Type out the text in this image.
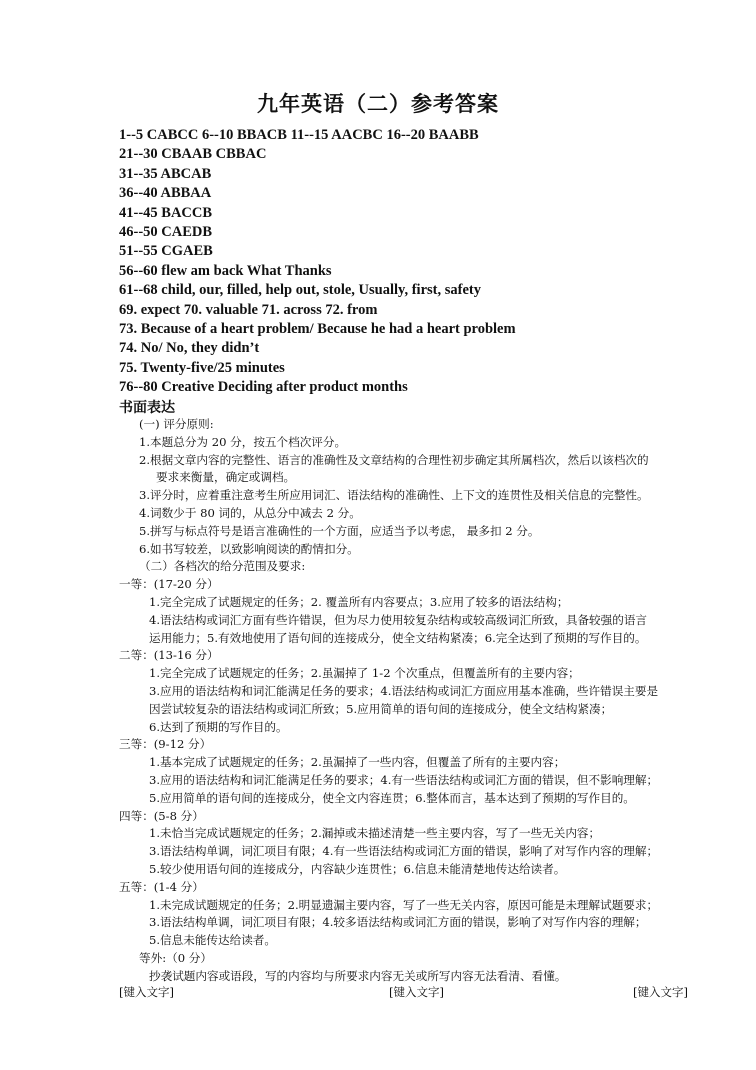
九年英语（二）参考答案
1--5 CABCC 6--10 BBACB 11--15 AACBC 16--20 BAABB
21--30 CBAAB CBBAC
31--35 ABCAB
36--40 ABBAA
41--45 BACCB
46--50 CAEDB
51--55 CGAEB
56--60 flew am back What Thanks
61--68 child, our, filled, help out, stole, Usually, first, safety
69. expect 70. valuable 71. across 72. from
73. Because of a heart problem/ Because he had a heart problem
74. No/ No, they didn’t
75. Twenty-five/25 minutes
76--80 Creative Deciding after product months
书面表达
(一) 评分原则:
1.本题总分为 20 分，按五个档次评分。
2.根据文章内容的完整性、语言的准确性及文章结构的合理性初步确定其所属档次，然后以该档次的
要求来衡量，确定或调档。
3.评分时，应着重注意考生所应用词汇、语法结构的准确性、上下文的连贯性及相关信息的完整性。
4.词数少于 80 词的，从总分中减去 2 分。
5.拼写与标点符号是语言准确性的一个方面，应适当予以考虑， 最多扣 2 分。
6.如书写较差，以致影响阅读的酌情扣分。
（二）各档次的给分范围及要求:
一等：(17-20 分）
1.完全完成了试题规定的任务；2. 覆盖所有内容要点；3.应用了较多的语法结构；
4.语法结构或词汇方面有些许错误，但为尽力使用较复杂结构或较高级词汇所致，具备较强的语言
运用能力；5.有效地使用了语句间的连接成分，使全文结构紧凑；6.完全达到了预期的写作目的。
二等：(13-16 分）
1.完全完成了试题规定的任务；2.虽漏掉了 1-2 个次重点，但覆盖所有的主要内容；
3.应用的语法结构和词汇能满足任务的要求；4.语法结构或词汇方面应用基本准确，些许错误主要是
因尝试较复杂的语法结构或词汇所致；5.应用简单的语句间的连接成分，使全文结构紧凑；
6.达到了预期的写作目的。
三等：(9-12 分）
1.基本完成了试题规定的任务；2.虽漏掉了一些内容，但覆盖了所有的主要内容；
3.应用的语法结构和词汇能满足任务的要求；4.有一些语法结构或词汇方面的错误，但不影响理解；
5.应用简单的语句间的连接成分，使全文内容连贯；6.整体而言，基本达到了预期的写作目的。
四等：(5-8 分）
1.未恰当完成试题规定的任务；2.漏掉或未描述清楚一些主要内容，写了一些无关内容；
3.语法结构单调，词汇项目有限；4.有一些语法结构或词汇方面的错误，影响了对写作内容的理解；
5.较少使用语句间的连接成分，内容缺少连贯性；6.信息未能清楚地传达给读者。
五等：(1-4 分）
1.未完成试题规定的任务；2.明显遗漏主要内容，写了一些无关内容，原因可能是未理解试题要求；
3.语法结构单调，词汇项目有限；4.较多语法结构或词汇方面的错误，影响了对写作内容的理解；
5.信息未能传达给读者。
等外:（0 分）
抄袭试题内容或语段，写的内容均与所要求内容无关或所写内容无法看清、看懂。
[键入文字]	[键入文字]	[键入文字]
